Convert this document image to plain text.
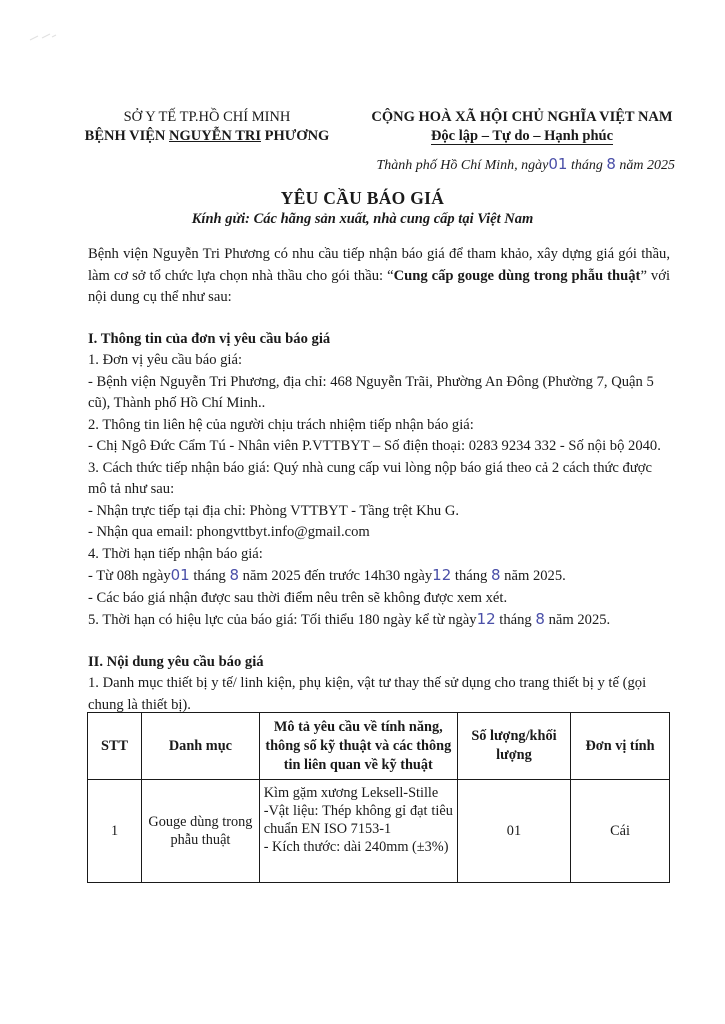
SỞ Y TẾ TP.HỒ CHÍ MINH
BỆNH VIỆN NGUYỄN TRI PHƯƠNG
CỘNG HOÀ XÃ HỘI CHỦ NGHĨA VIỆT NAM
Độc lập – Tự do – Hạnh phúc
Thành phố Hồ Chí Minh, ngày01 tháng 8 năm 2025
YÊU CẦU BÁO GIÁ
Kính gửi: Các hãng sản xuất, nhà cung cấp tại Việt Nam

Bệnh viện Nguyễn Tri Phương có nhu cầu tiếp nhận báo giá để tham khảo, xây dựng giá gói thầu, làm cơ sở tổ chức lựa chọn nhà thầu cho gói thầu: “Cung cấp gouge dùng trong phẫu thuật” với nội dung cụ thể như sau:

I. Thông tin của đơn vị yêu cầu báo giá

1. Đơn vị yêu cầu báo giá:

- Bệnh viện Nguyễn Tri Phương, địa chỉ: 468 Nguyễn Trãi, Phường An Đông (Phường 7, Quận 5 cũ), Thành phố Hồ Chí Minh..

2. Thông tin liên hệ của người chịu trách nhiệm tiếp nhận báo giá:

- Chị Ngô Đức Cẩm Tú - Nhân viên P.VTTBYT – Số điện thoại: 0283 9234 332 - Số nội bộ 2040.

3. Cách thức tiếp nhận báo giá: Quý nhà cung cấp vui lòng nộp báo giá theo cả 2 cách thức được mô tả như sau:

- Nhận trực tiếp tại địa chỉ: Phòng VTTBYT - Tầng trệt Khu G.

- Nhận qua email: phongvttbyt.info@gmail.com

4. Thời hạn tiếp nhận báo giá:

- Từ 08h ngày01 tháng 8 năm 2025 đến trước 14h30 ngày12 tháng 8 năm 2025.

- Các báo giá nhận được sau thời điểm nêu trên sẽ không được xem xét.

5. Thời hạn có hiệu lực của báo giá: Tối thiểu 180 ngày kể từ ngày12 tháng 8 năm 2025.

II. Nội dung yêu cầu báo giá

1. Danh mục thiết bị y tế/ linh kiện, phụ kiện, vật tư thay thế sử dụng cho trang thiết bị y tế (gọi chung là thiết bị).

STT	Danh mục	Mô tả yêu cầu về tính năng, thông số kỹ thuật và các thông tin liên quan về kỹ thuật	Số lượng/khối lượng	Đơn vị tính
1	Gouge dùng trong phẫu thuật	Kìm gặm xương Leksell-Stille
-Vật liệu: Thép không gỉ đạt tiêu chuẩn EN ISO 7153-1
- Kích thước: dài 240mm (±3%)	01	Cái
